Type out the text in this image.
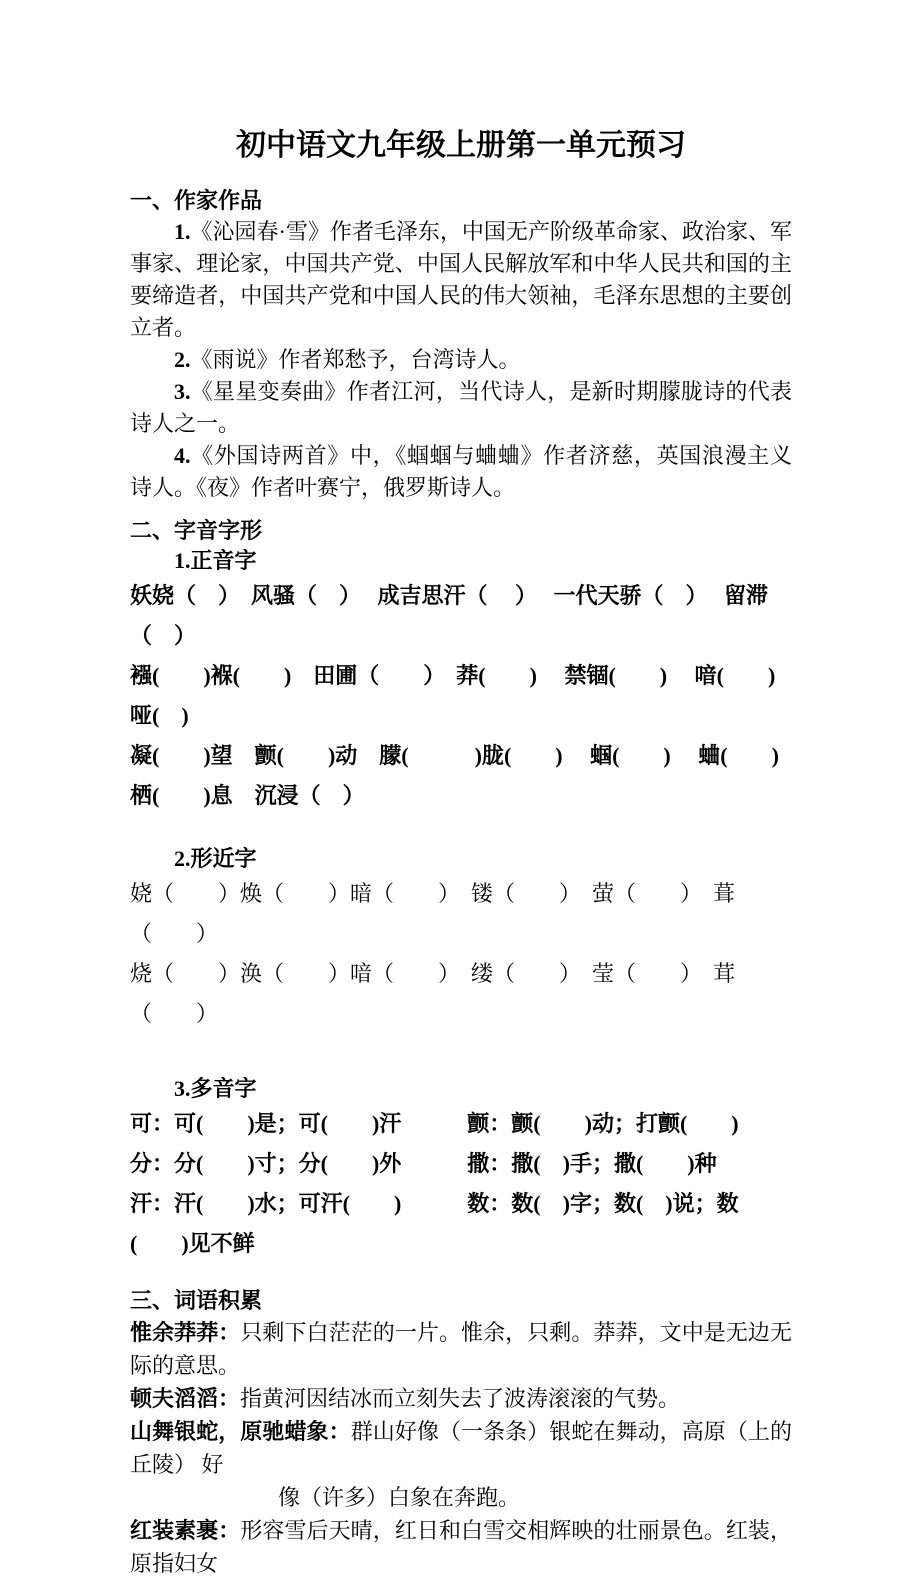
初中语文九年级上册第一单元预习

一、作家作品

1.《沁园春·雪》作者毛泽东，中国无产阶级革命家、政治家、军事家、理论家，中国共产党、中国人民解放军和中华人民共和国的主要缔造者，中国共产党和中国人民的伟大领袖，毛泽东思想的主要创立者。

2.《雨说》作者郑愁予，台湾诗人。

3.《星星变奏曲》作者江河，当代诗人，是新时期朦胧诗的代表诗人之一。

4.《外国诗两首》中，《蝈蝈与蛐蛐》作者济慈，英国浪漫主义诗人。《夜》作者叶赛宁，俄罗斯诗人。

二、字音字形

1.正音字

妖娆（　）　风骚（　）　 成吉思汗（　 ）　 一代天骄（　）　 留滞（　）

襁(　　)褓(　　)　田圃（　　）　莽(　　)　 禁锢(　　)　 喑(　　)哑(　)

凝(　　)望　颤(　　)动　朦(　　　)胧(　　)　 蝈(　　)　 蛐(　　)

栖(　　)息　沉浸（　）

2.形近字

娆（　　）焕（　　）暗（　　）　镂（　　）　萤（　　）　葺（　　）

烧（　　）涣（　　）喑（　　）　缕（　　）　莹（　　）　茸（　　）

3.多音字

可：可(　　)是；可(　　)汗　　　颤：颤(　　)动；打颤(　　)

分：分(　　)寸；分(　　)外　　　撒：撒(　)手；撒(　　)种

汗：汗(　　)水；可汗(　　)　　　数：数(　)字；数(　)说；数(　　)见不鲜

三、词语积累

惟余莽莽：只剩下白茫茫的一片。惟余，只剩。莽莽，文中是无边无际的意思。

顿夫滔滔：指黄河因结冰而立刻失去了波涛滚滚的气势。

山舞银蛇，原驰蜡象：群山好像（一条条）银蛇在舞动，高原（上的丘陵） 好

像（许多）白象在奔跑。

红装素裹：形容雪后天晴，红日和白雪交相辉映的壮丽景色。红装，原指妇女
